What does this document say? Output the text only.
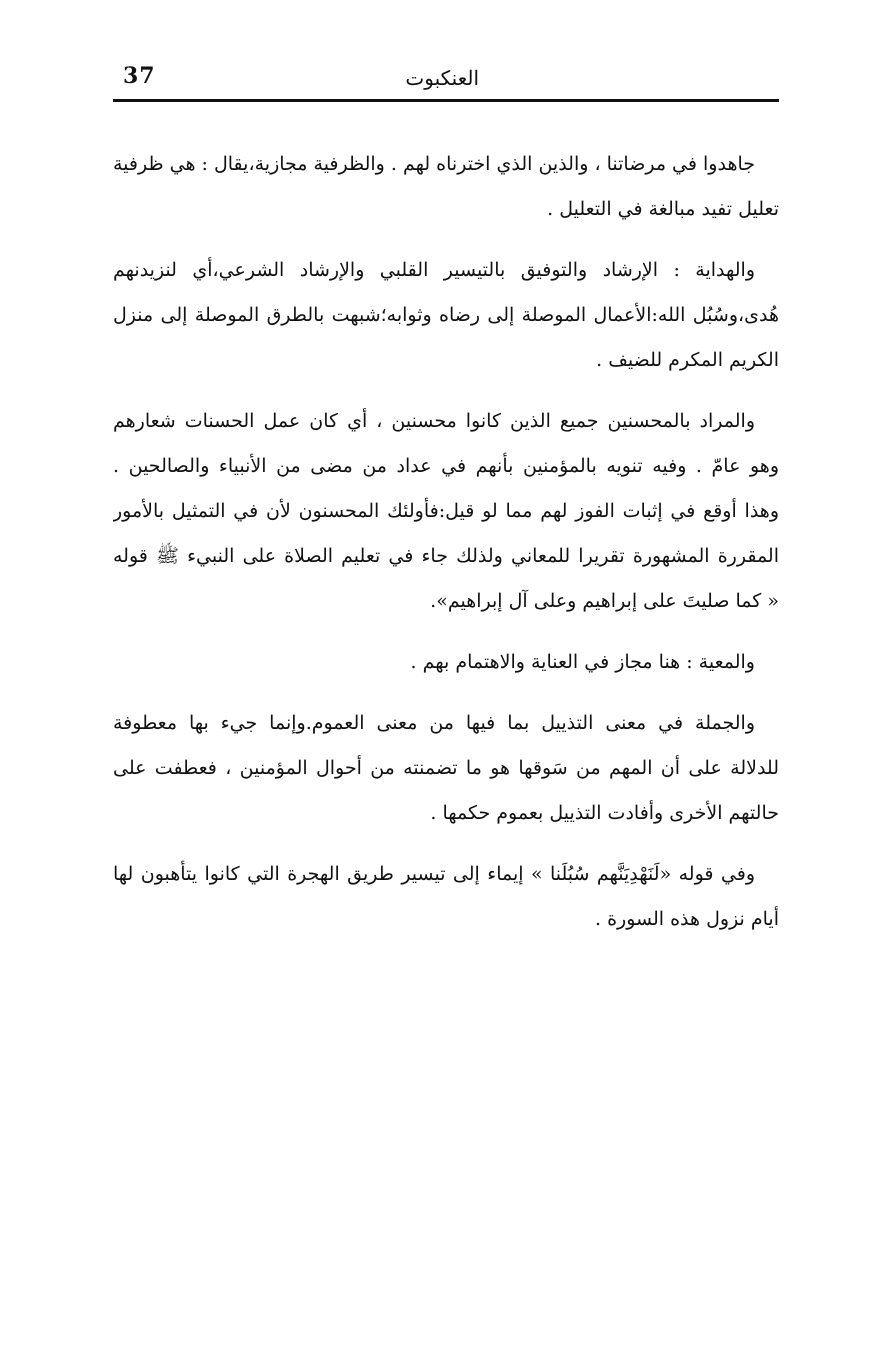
العنكبوت
37

جاهدوا في مرضاتنا ، والذين الذي اخترناه لهم . والظرفية مجازية،يقال : هي ظرفية
تعليل تفيد مبالغة في التعليل .

والهداية : الإرشاد والتوفيق بالتيسير القلبي والإرشاد الشرعي،أي لنزيدنهم
هُدى،وسُبُل الله:الأعمال الموصلة إلى رضاه وثوابه؛شبهت بالطرق الموصلة إلى منزل
الكريم المكرم للضيف .

والمراد بالمحسنين جميع الذين كانوا محسنين ، أي كان عمل الحسنات شعارهم
وهو عامّ . وفيه تنويه بالمؤمنين بأنهم في عداد من مضى من الأنبياء والصالحين .
وهذا أوقع في إثبات الفوز لهم مما لو قيل:فأولئك المحسنون لأن في التمثيل بالأمور
المقررة المشهورة تقريرا للمعاني ولذلك جاء في تعليم الصلاة على النبيء ﷺ قوله
« كما صليتَ على إبراهيم وعلى آل إبراهيم».

والمعية : هنا مجاز في العناية والاهتمام بهم .

والجملة في معنى التذييل بما فيها من معنى العموم.وإنما جيء بها معطوفة
للدلالة على أن المهم من سَوقها هو ما تضمنته من أحوال المؤمنين ، فعطفت على
حالتهم الأخرى وأفادت التذييل بعموم حكمها .

وفي قوله «لَنَهْدِيَنَّهم سُبُلَنا » إيماء إلى تيسير طريق الهجرة التي كانوا يتأهبون لها
أيام نزول هذه السورة .
